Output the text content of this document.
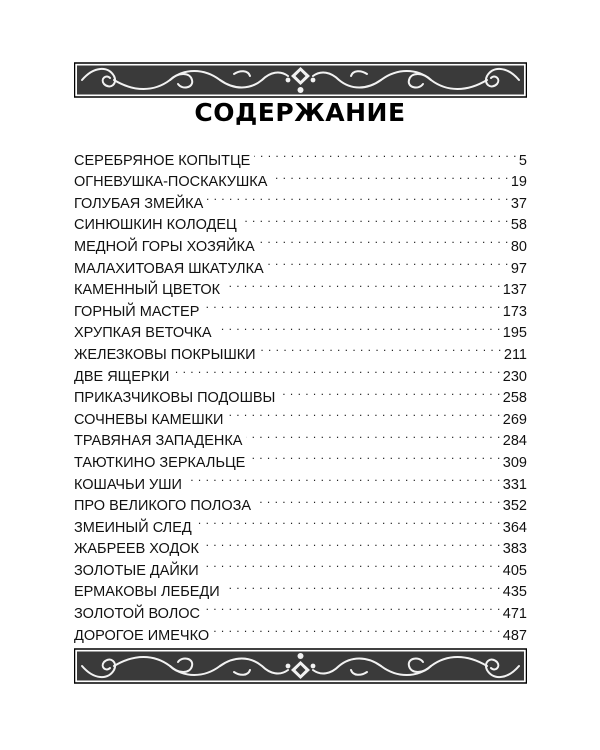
СОДЕРЖАНИЕ
СЕРЕБРЯНОЕ КОПЫТЦЕ . . .	5
ОГНЕВУШКА-ПОСКАКУШКА . . .	19
ГОЛУБАЯ ЗМЕЙКА . . .	37
СИНЮШКИН КОЛОДЕЦ . . .	58
МЕДНОЙ ГОРЫ ХОЗЯЙКА . . .	80
МАЛАХИТОВАЯ ШКАТУЛКА . . .	97
КАМЕННЫЙ ЦВЕТОК . . .	137
ГОРНЫЙ МАСТЕР . . .	173
ХРУПКАЯ ВЕТОЧКА . . .	195
ЖЕЛЕЗКОВЫ ПОКРЫШКИ . . .	211
ДВЕ ЯЩЕРКИ . . .	230
ПРИКАЗЧИКОВЫ ПОДОШВЫ . . .	258
СОЧНЕВЫ КАМЕШКИ . . .	269
ТРАВЯНАЯ ЗАПАДЕНКА . . .	284
ТАЮТКИНО ЗЕРКАЛЬЦЕ . . .	309
КОШАЧЬИ УШИ . . .	331
ПРО ВЕЛИКОГО ПОЛОЗА . . .	352
ЗМЕИНЫЙ СЛЕД . . .	364
ЖАБРЕЕВ ХОДОК . . .	383
ЗОЛОТЫЕ ДАЙКИ . . .	405
ЕРМАКОВЫ ЛЕБЕДИ . . .	435
ЗОЛОТОЙ ВОЛОС . . .	471
ДОРОГОЕ ИМЕЧКО . . .	487
. . .
